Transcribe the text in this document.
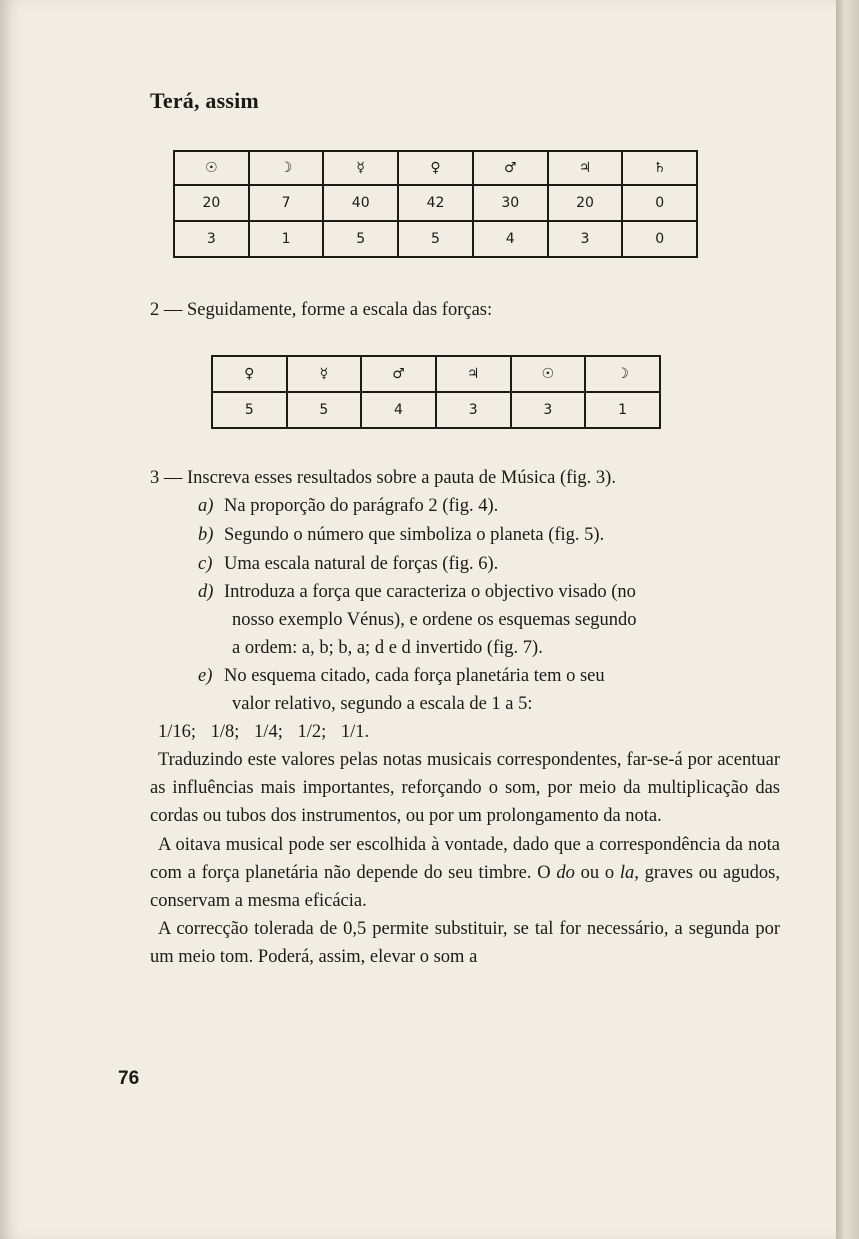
Terá, assim
☉	☽	☿	♀	♂	♃	♄
20	7	40	42	30	20	0
3	1	5	5	4	3	0
2 — Seguidamente, forme a escala das forças:
♀	☿	♂	♃	☉	☽
5	5	4	3	3	1
3 — Inscreva esses resultados sobre a pauta de Música (fig. 3).
a) Na proporção do parágrafo 2 (fig. 4).
b) Segundo o número que simboliza o planeta (fig. 5).
c) Uma escala natural de forças (fig. 6).
d) Introduza a força que caracteriza o objectivo visado (no
nosso exemplo Vénus), e ordene os esquemas segundo
a ordem: a, b; b, a; d e d invertido (fig. 7).
e) No esquema citado, cada força planetária tem o seu
valor relativo, segundo a escala de 1 a 5:
1/16; 1/8; 1/4; 1/2; 1/1.

Traduzindo este valores pelas notas musicais correspondentes, far-se-á por acentuar as influências mais importantes, reforçando o som, por meio da multiplicação das cordas ou tubos dos instrumentos, ou por um prolongamento da nota.

A oitava musical pode ser escolhida à vontade, dado que a correspondência da nota com a força planetária não depende do seu timbre. O do ou o la, graves ou agudos, conservam a mesma eficácia.

A correcção tolerada de 0,5 permite substituir, se tal for necessário, a segunda por um meio tom. Poderá, assim, elevar o som a

76
